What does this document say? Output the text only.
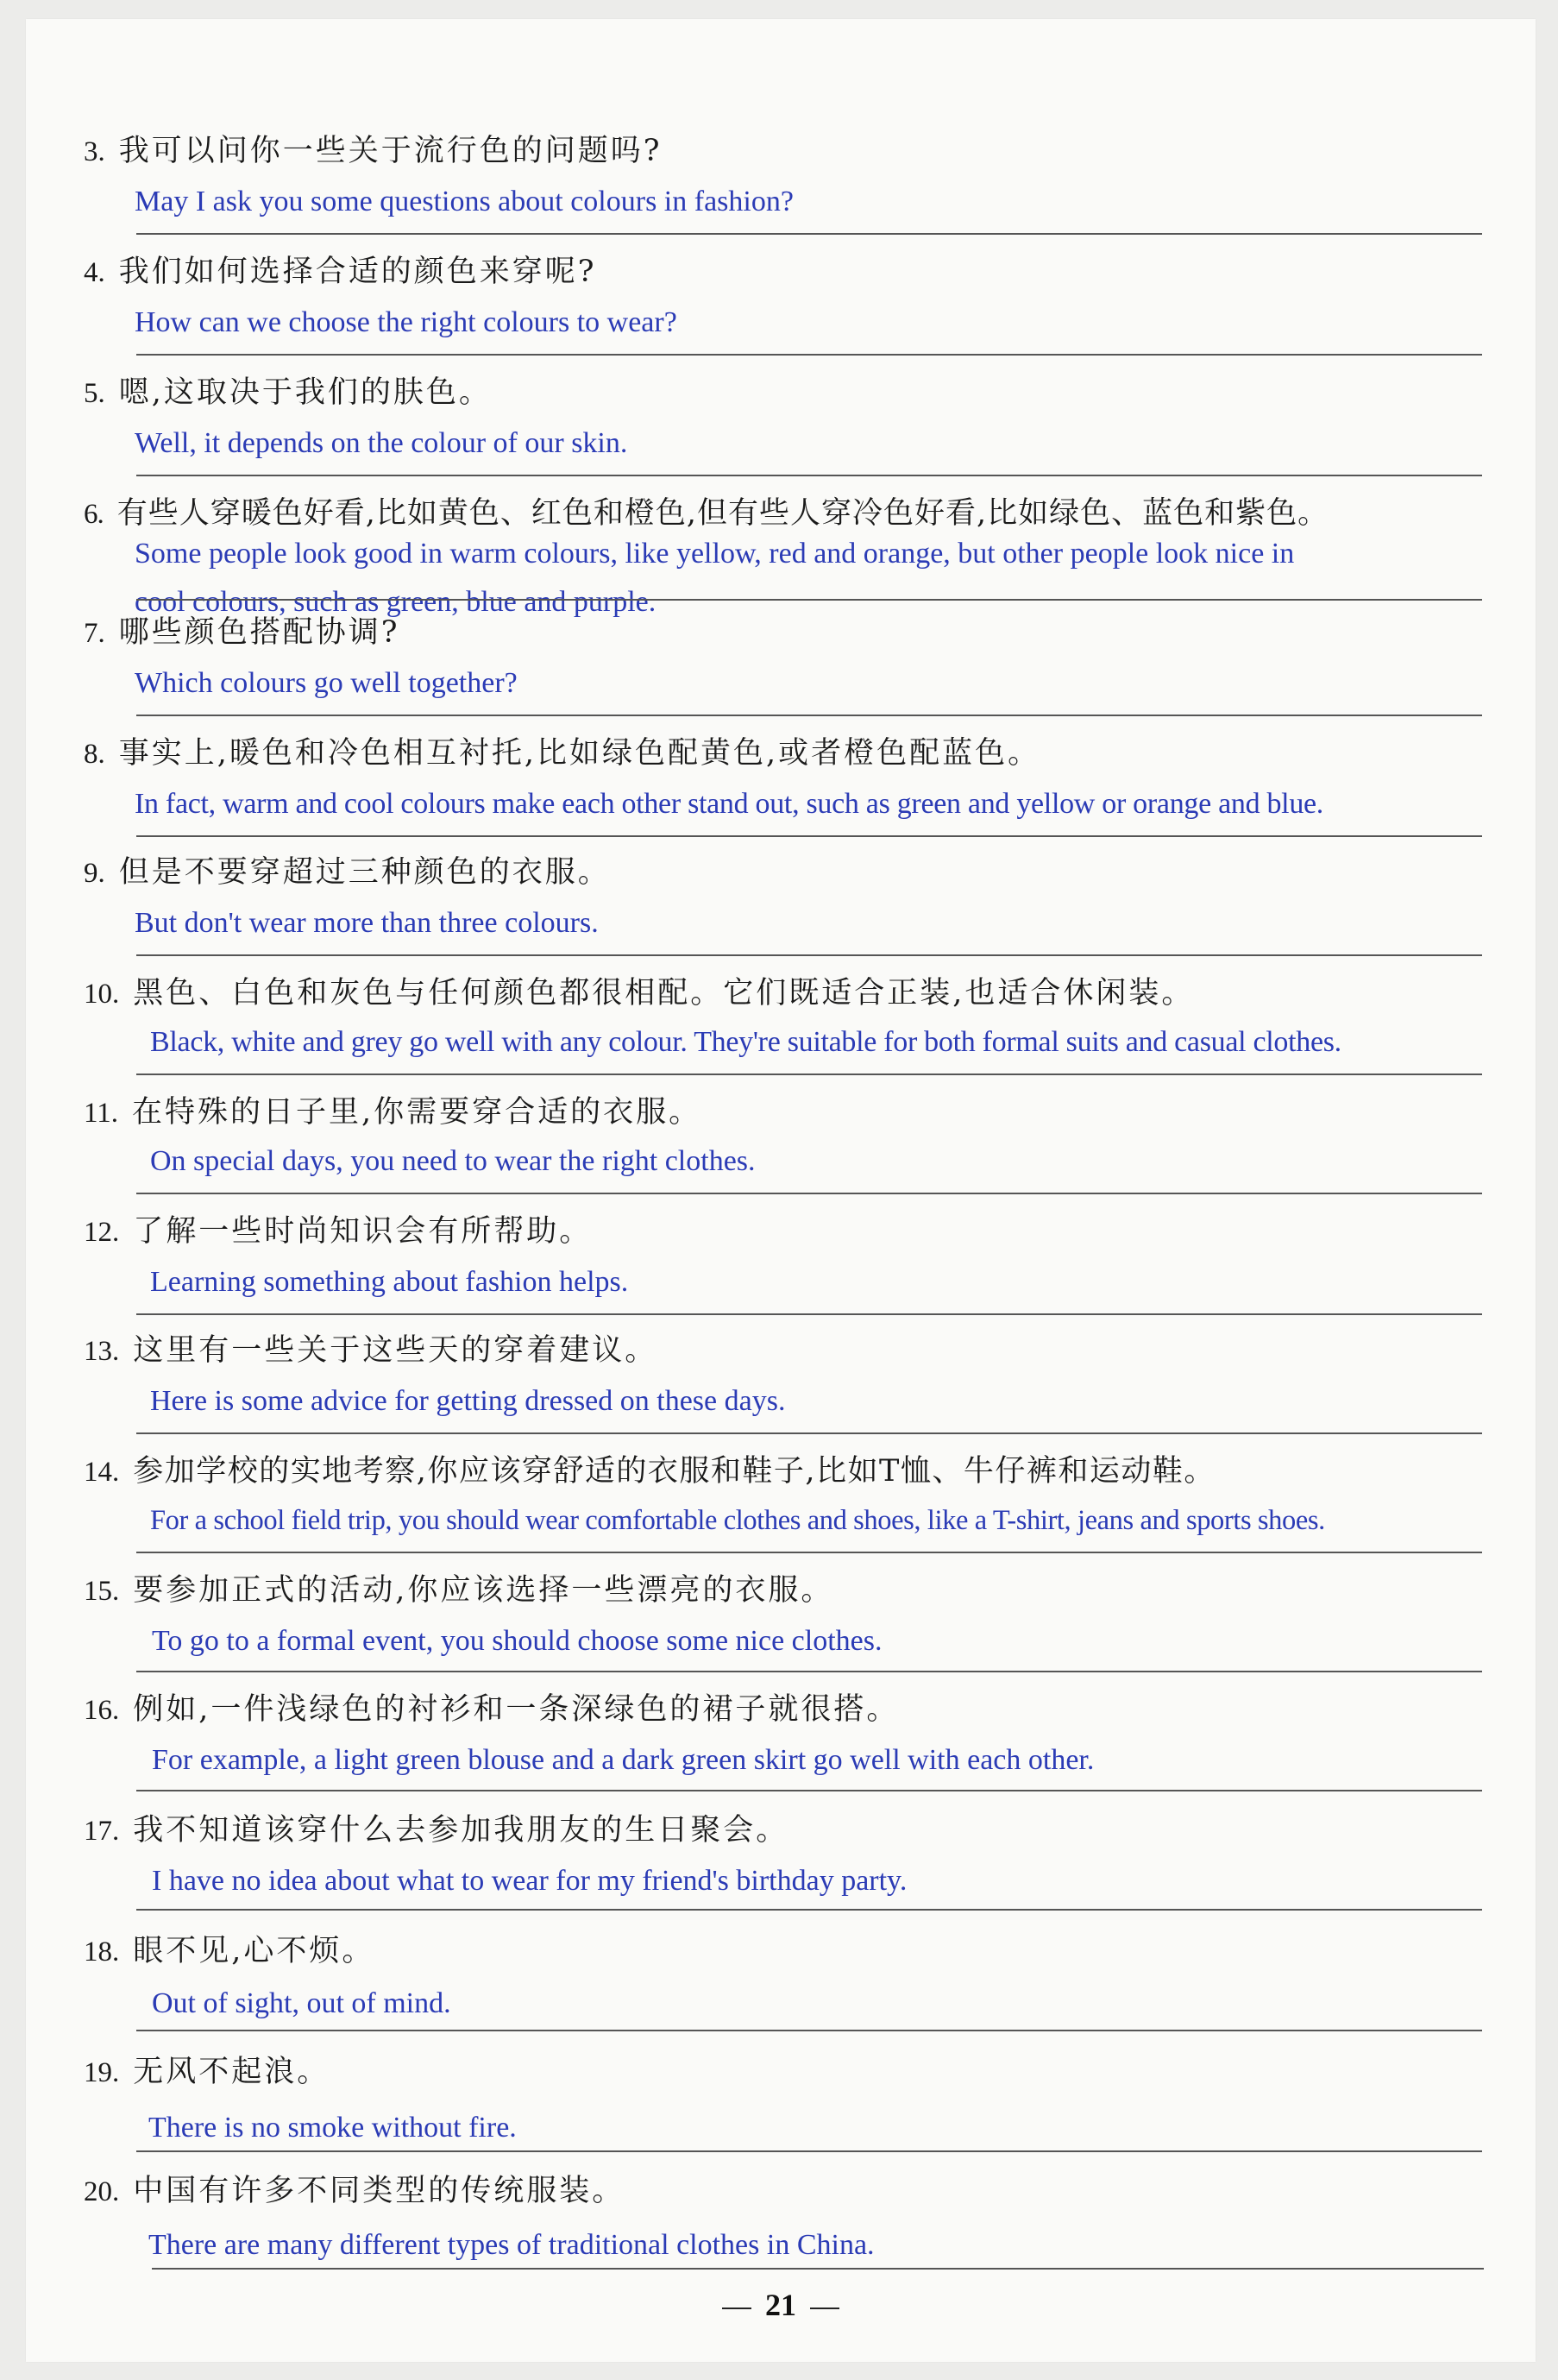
3. 我可以问你一些关于流行色的问题吗?
May I ask you some questions about colours in fashion?
4. 我们如何选择合适的颜色来穿呢?
How can we choose the right colours to wear?
5. 嗯,这取决于我们的肤色。
Well, it depends on the colour of our skin.
6. 有些人穿暖色好看,比如黄色、红色和橙色,但有些人穿冷色好看,比如绿色、蓝色和紫色。
Some people look good in warm colours, like yellow, red and orange, but other people look nice in
cool colours, such as green, blue and purple.
7. 哪些颜色搭配协调?
Which colours go well together?
8. 事实上,暖色和冷色相互衬托,比如绿色配黄色,或者橙色配蓝色。
In fact, warm and cool colours make each other stand out, such as green and yellow or orange and blue.
9. 但是不要穿超过三种颜色的衣服。
But don't wear more than three colours.
10. 黑色、白色和灰色与任何颜色都很相配。它们既适合正装,也适合休闲装。
Black, white and grey go well with any colour. They're suitable for both formal suits and casual clothes.
11. 在特殊的日子里,你需要穿合适的衣服。
On special days, you need to wear the right clothes.
12. 了解一些时尚知识会有所帮助。
Learning something about fashion helps.
13. 这里有一些关于这些天的穿着建议。
Here is some advice for getting dressed on these days.
14. 参加学校的实地考察,你应该穿舒适的衣服和鞋子,比如T恤、牛仔裤和运动鞋。
For a school field trip, you should wear comfortable clothes and shoes, like a T-shirt, jeans and sports shoes.
15. 要参加正式的活动,你应该选择一些漂亮的衣服。
To go to a formal event, you should choose some nice clothes.
16. 例如,一件浅绿色的衬衫和一条深绿色的裙子就很搭。
For example, a light green blouse and a dark green skirt go well with each other.
17. 我不知道该穿什么去参加我朋友的生日聚会。
I have no idea about what to wear for my friend's birthday party.
18. 眼不见,心不烦。
Out of sight, out of mind.
19. 无风不起浪。
There is no smoke without fire.
20. 中国有许多不同类型的传统服装。
There are many different types of traditional clothes in China.
21
